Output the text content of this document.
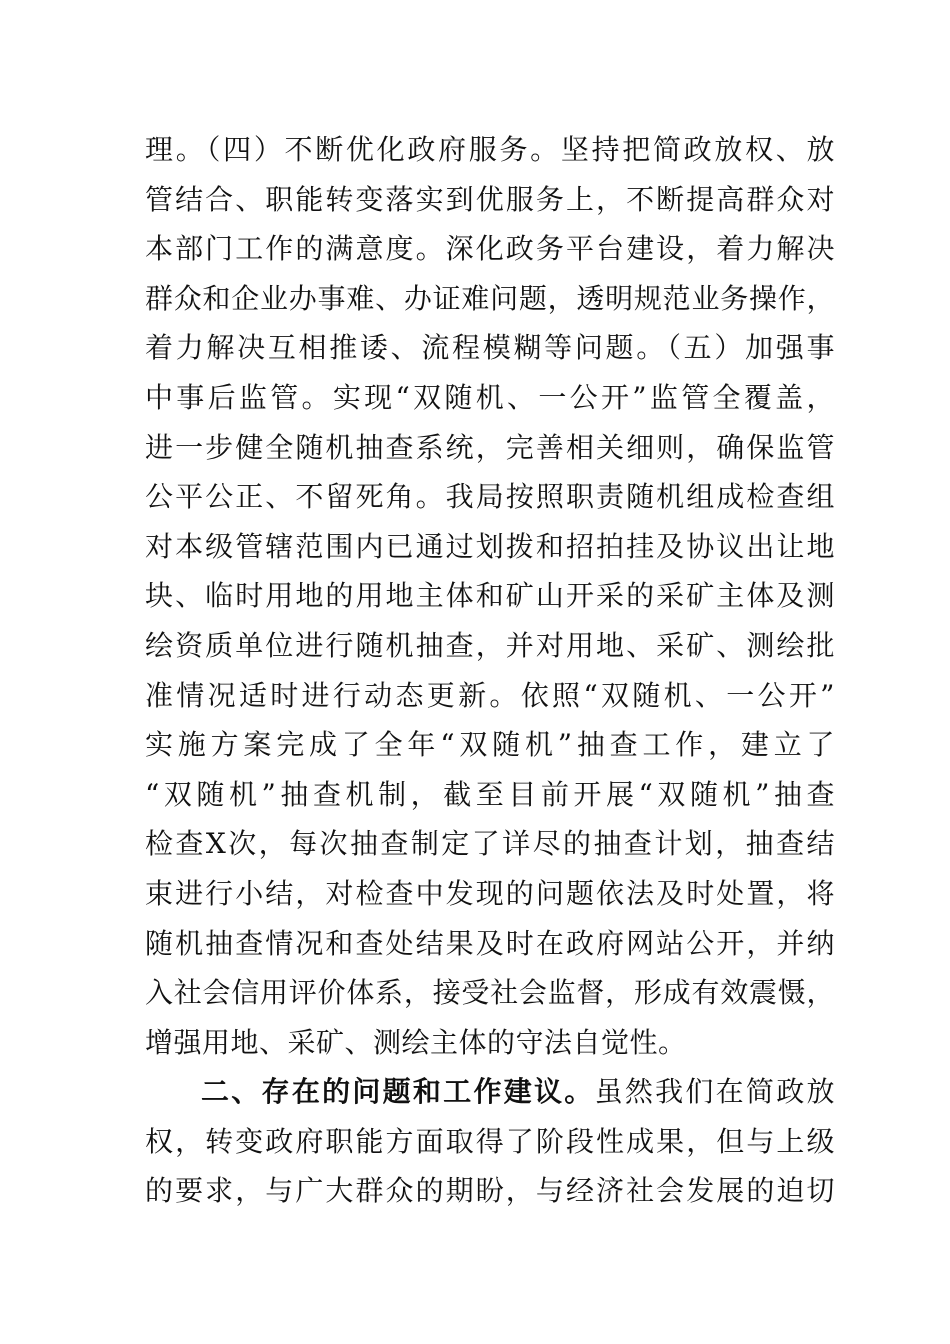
理。（四）不断优化政府服务。坚持把简政放权、放
管结合、职能转变落实到优服务上，不断提高群众对
本部门工作的满意度。深化政务平台建设，着力解决
群众和企业办事难、办证难问题，透明规范业务操作，
着力解决互相推诿、流程模糊等问题。（五）加强事
中事后监管。实现“双随机、一公开”监管全覆盖，
进一步健全随机抽查系统，完善相关细则，确保监管
公平公正、不留死角。我局按照职责随机组成检查组
对本级管辖范围内已通过划拨和招拍挂及协议出让地
块、临时用地的用地主体和矿山开采的采矿主体及测
绘资质单位进行随机抽查，并对用地、采矿、测绘批
准情况适时进行动态更新。依照“双随机、一公开”
实施方案完成了全年“双随机”抽查工作，建立了
“双随机”抽查机制，截至目前开展“双随机”抽查
检查X次，每次抽查制定了详尽的抽查计划，抽查结
束进行小结，对检查中发现的问题依法及时处置，将
随机抽查情况和查处结果及时在政府网站公开，并纳
入社会信用评价体系，接受社会监督，形成有效震慑，
增强用地、采矿、测绘主体的守法自觉性。
二、存在的问题和工作建议。虽然我们在简政放
权，转变政府职能方面取得了阶段性成果，但与上级
的要求，与广大群众的期盼，与经济社会发展的迫切
